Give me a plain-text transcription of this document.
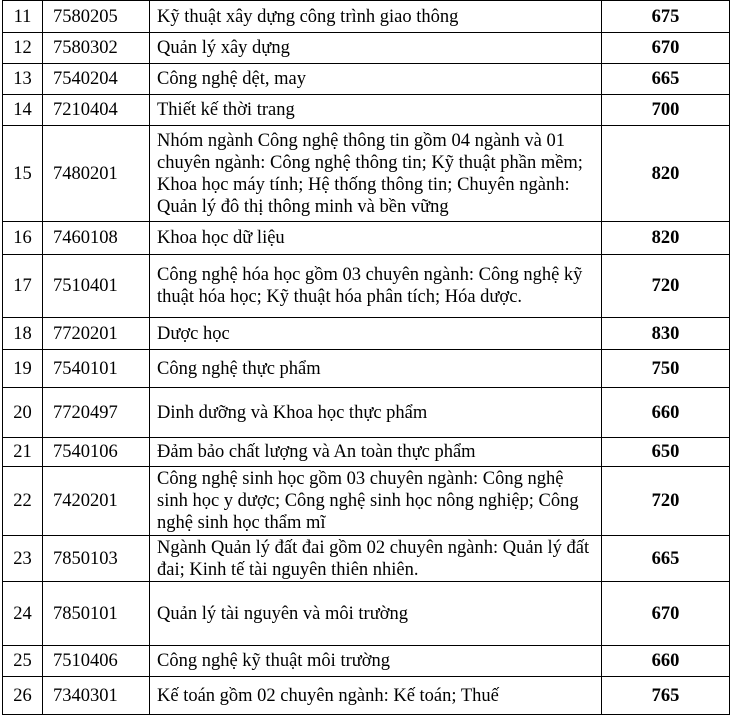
11	7580205	Kỹ thuật xây dựng công trình giao thông	675
12	7580302	Quản lý xây dựng	670
13	7540204	Công nghệ dệt, may	665
14	7210404	Thiết kế thời trang	700
15	7480201	Nhóm ngành Công nghệ thông tin gồm 04 ngành và 01 chuyên ngành: Công nghệ thông tin; Kỹ thuật phần mềm; Khoa học máy tính; Hệ thống thông tin; Chuyên ngành: Quản lý đô thị thông minh và bền vững	820
16	7460108	Khoa học dữ liệu	820
17	7510401	Công nghệ hóa học gồm 03 chuyên ngành: Công nghệ kỹ thuật hóa học; Kỹ thuật hóa phân tích; Hóa dược.	720
18	7720201	Dược học	830
19	7540101	Công nghệ thực phẩm	750
20	7720497	Dinh dưỡng và Khoa học thực phẩm	660
21	7540106	Đảm bảo chất lượng và An toàn thực phẩm	650
22	7420201	Công nghệ sinh học gồm 03 chuyên ngành: Công nghệ sinh học y dược; Công nghệ sinh học nông nghiệp; Công nghệ sinh học thẩm mĩ	720
23	7850103	Ngành Quản lý đất đai gồm 02 chuyên ngành: Quản lý đất đai; Kinh tế tài nguyên thiên nhiên.	665
24	7850101	Quản lý tài nguyên và môi trường	670
25	7510406	Công nghệ kỹ thuật môi trường	660
26	7340301	Kế toán gồm 02 chuyên ngành: Kế toán; Thuế	765
